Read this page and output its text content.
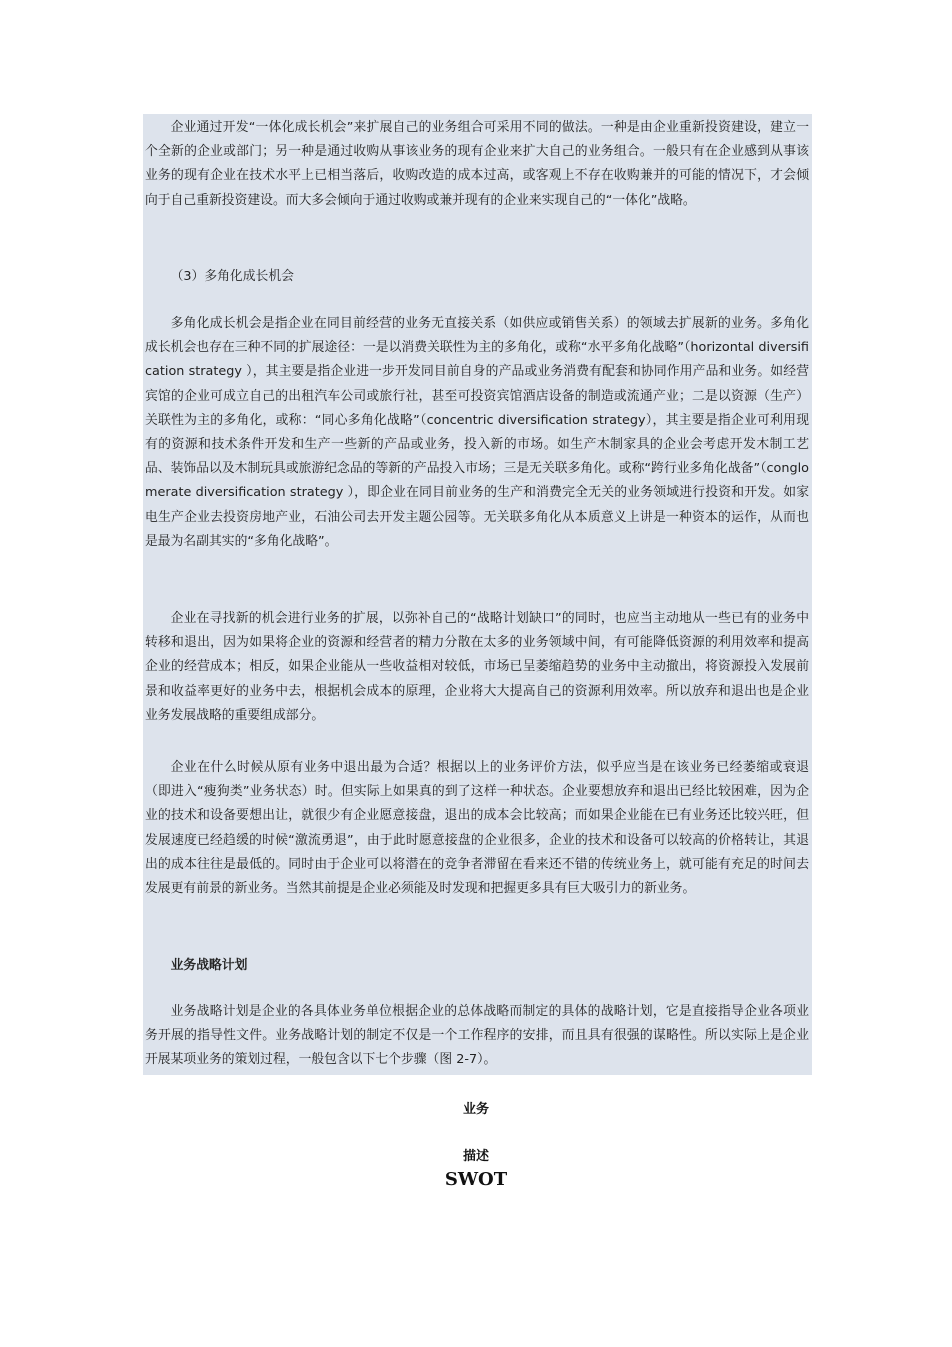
企业通过开发“一体化成长机会”来扩展自己的业务组合可采用不同的做法。一种是由企业重新投资建设，建立一个全新的企业或部门；另一种是通过收购从事该业务的现有企业来扩大自己的业务组合。一般只有在企业感到从事该业务的现有企业在技术水平上已相当落后，收购改造的成本过高，或客观上不存在收购兼并的可能的情况下，才会倾向于自己重新投资建设。而大多会倾向于通过收购或兼并现有的企业来实现自己的“一体化”战略。

（3）多角化成长机会

多角化成长机会是指企业在同目前经营的业务无直接关系（如供应或销售关系）的领域去扩展新的业务。多角化成长机会也存在三种不同的扩展途径：一是以消费关联性为主的多角化，或称“水平多角化战略”（horizontal diversification strategy ），其主要是指企业进一步开发同目前自身的产品或业务消费有配套和协同作用产品和业务。如经营宾馆的企业可成立自己的出租汽车公司或旅行社，甚至可投资宾馆酒店设备的制造或流通产业；二是以资源（生产）关联性为主的多角化，或称：“同心多角化战略”（concentric diversification strategy），其主要是指企业可利用现有的资源和技术条件开发和生产一些新的产品或业务，投入新的市场。如生产木制家具的企业会考虑开发木制工艺品、装饰品以及木制玩具或旅游纪念品的等新的产品投入市场；三是无关联多角化。或称“跨行业多角化战备”（conglomerate diversification strategy ），即企业在同目前业务的生产和消费完全无关的业务领域进行投资和开发。如家电生产企业去投资房地产业，石油公司去开发主题公园等。无关联多角化从本质意义上讲是一种资本的运作，从而也是最为名副其实的“多角化战略”。

企业在寻找新的机会进行业务的扩展，以弥补自己的“战略计划缺口”的同时，也应当主动地从一些已有的业务中转移和退出，因为如果将企业的资源和经营者的精力分散在太多的业务领域中间，有可能降低资源的利用效率和提高企业的经营成本；相反，如果企业能从一些收益相对较低，市场已呈萎缩趋势的业务中主动撤出，将资源投入发展前景和收益率更好的业务中去，根据机会成本的原理，企业将大大提高自己的资源利用效率。所以放弃和退出也是企业业务发展战略的重要组成部分。

企业在什么时候从原有业务中退出最为合适？根据以上的业务评价方法，似乎应当是在该业务已经萎缩或衰退（即进入“瘦狗类”业务状态）时。但实际上如果真的到了这样一种状态。企业要想放弃和退出已经比较困难，因为企业的技术和设备要想出让，就很少有企业愿意接盘，退出的成本会比较高；而如果企业能在已有业务还比较兴旺，但发展速度已经趋缓的时候“激流勇退”，由于此时愿意接盘的企业很多，企业的技术和设备可以较高的价格转让，其退出的成本往往是最低的。同时由于企业可以将潜在的竞争者滞留在看来还不错的传统业务上，就可能有充足的时间去发展更有前景的新业务。当然其前提是企业必须能及时发现和把握更多具有巨大吸引力的新业务。

业务战略计划

业务战略计划是企业的各具体业务单位根据企业的总体战略而制定的具体的战略计划，它是直接指导企业各项业务开展的指导性文件。业务战略计划的制定不仅是一个工作程序的安排，而且具有很强的谋略性。所以实际上是企业开展某项业务的策划过程，一般包含以下七个步骤（图 2-7）。

业务
描述
SWOT
